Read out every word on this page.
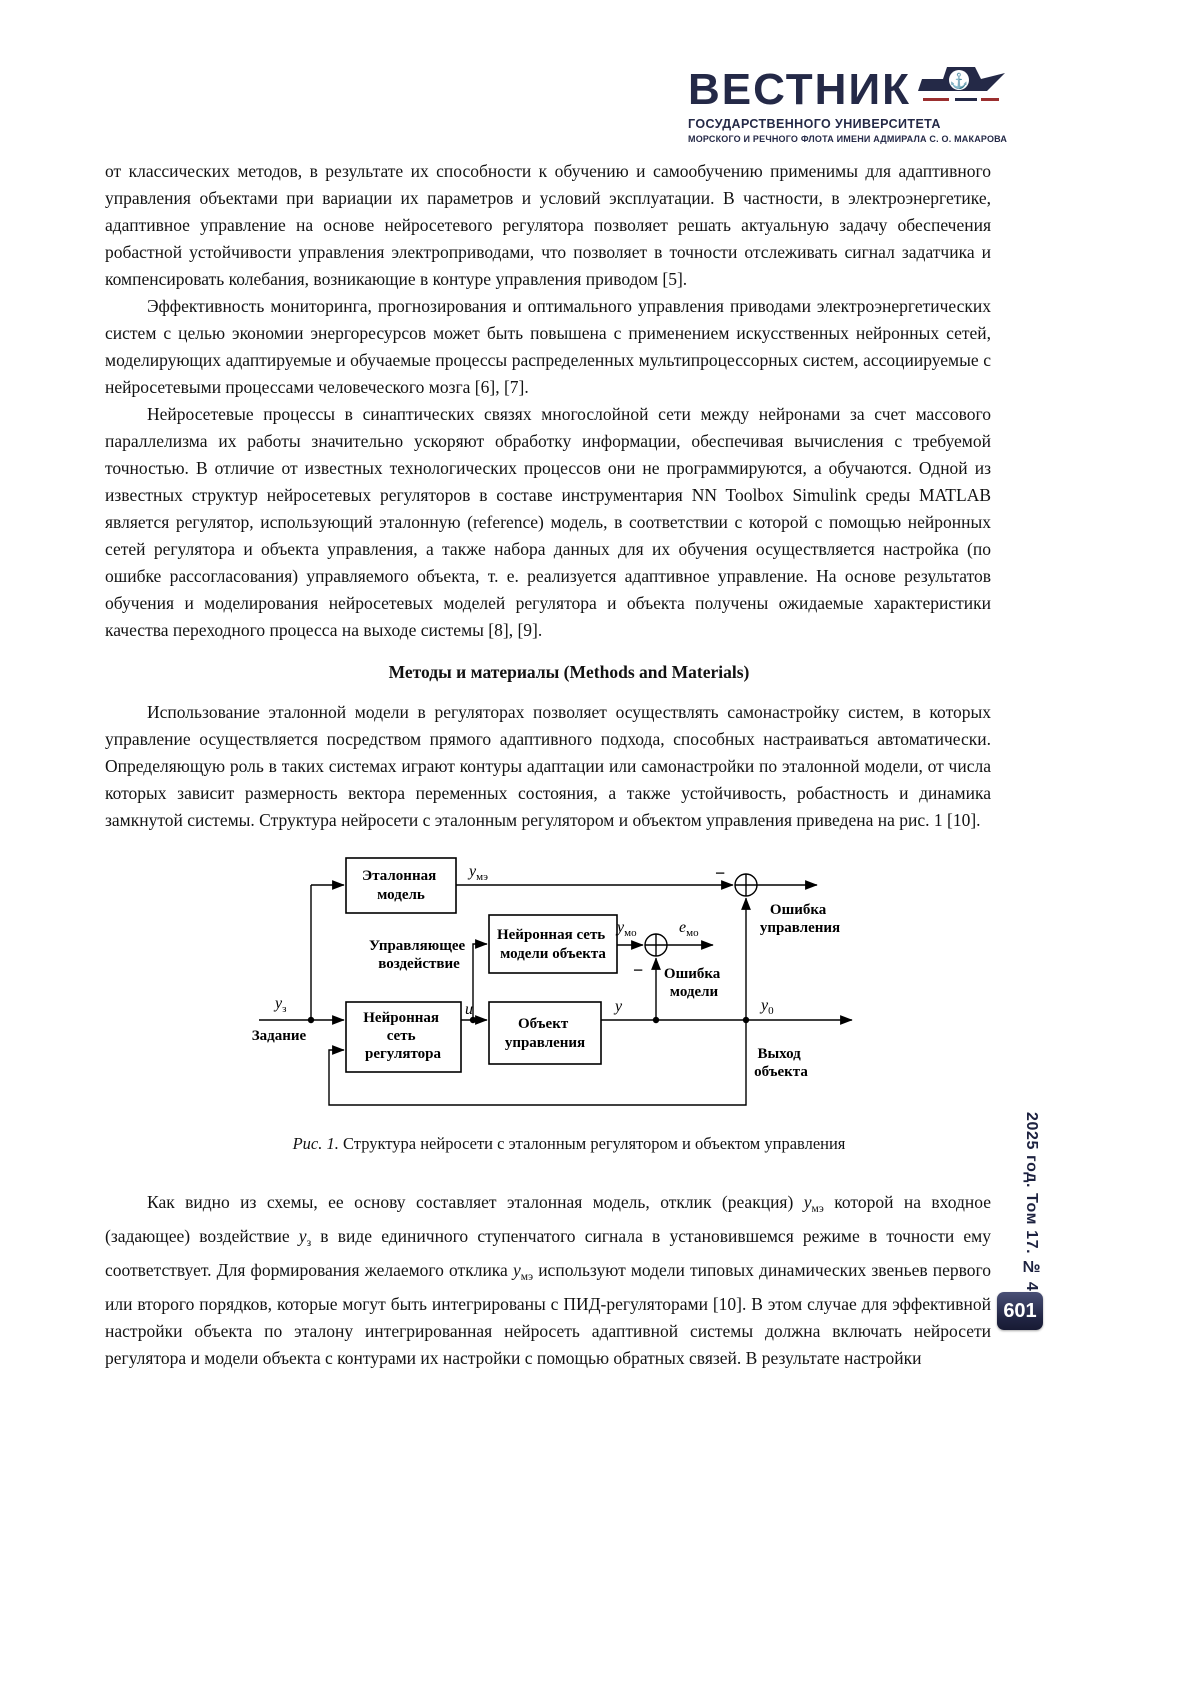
ВЕСТНИК	⚓
ГОСУДАРСТВЕННОГО УНИВЕРСИТЕТА
МОРСКОГО И РЕЧНОГО ФЛОТА ИМЕНИ АДМИРАЛА С. О. МАКАРОВА

от классических методов, в результате их способности к обучению и самообучению применимы для адаптивного управления объектами при вариации их параметров и условий эксплуатации. В частности, в электроэнергетике, адаптивное управление на основе нейросетевого регулятора позволяет решать актуальную задачу обеспечения робастной устойчивости управления электроприводами, что позволяет в точности отслеживать сигнал задатчика и компенсировать колебания, возникающие в контуре управления приводом [5].

Эффективность мониторинга, прогнозирования и оптимального управления приводами электроэнергетических систем с целью экономии энергоресурсов может быть повышена с применением искусственных нейронных сетей, моделирующих адаптируемые и обучаемые процессы распределенных мультипроцессорных систем, ассоциируемые с нейросетевыми процессами человеческого мозга [6], [7].

Нейросетевые процессы в синаптических связях многослойной сети между нейронами за счет массового параллелизма их работы значительно ускоряют обработку информации, обеспечивая вычисления с требуемой точностью. В отличие от известных технологических процессов они не программируются, а обучаются. Одной из известных структур нейросетевых регуляторов в составе инструментария NN Toolbox Simulink среды MATLAB является регулятор, использующий эталонную (reference) модель, в соответствии с которой с помощью нейронных сетей регулятора и объекта управления, а также набора данных для их обучения осуществляется настройка (по ошибке рассогласования) управляемого объекта, т. е. реализуется адаптивное управление. На основе результатов обучения и моделирования нейросетевых моделей регулятора и объекта получены ожидаемые характеристики качества переходного процесса на выходе системы [8], [9].

Методы и материалы (Methods and Materials)

Использование эталонной модели в регуляторах позволяет осуществлять самонастройку систем, в которых управление осуществляется посредством прямого адаптивного подхода, способных настраиваться автоматически. Определяющую роль в таких системах играют контуры адаптации или самонастройки по эталонной модели, от числа которых зависит размерность вектора переменных состояния, а также устойчивость, робастность и динамика замкнутой системы. Структура нейросети с эталонным регулятором и объектом управления приведена на рис. 1 [10].

Эталонная модель
Нейронная сеть модели объекта
Нейронная сеть регулятора
Объект управления
−
−
$y_{мэ}$
$y_{мо}$	$e_{мо}$
$y_з$	$y_0$
u	y
Задание
Управляющее воздействие
Ошибка управления
Ошибка модели
Выход объекта

Рис. 1. Структура нейросети с эталонным регулятором и объектом управления

Как видно из схемы, ее основу составляет эталонная модель, отклик (реакция) $y_{мэ}$ которой на входное (задающее) воздействие $y_з$ в виде единичного ступенчатого сигнала в установившемся режиме в точности ему соответствует. Для формирования желаемого отклика $y_{мэ}$ используют модели типовых динамических звеньев первого или второго порядков, которые могут быть интегрированы с ПИД-регуляторами [10]. В этом случае для эффективной настройки объекта по эталону интегрированная нейросеть адаптивной системы должна включать нейросети регулятора и модели объекта с контурами их настройки с помощью обратных связей. В результате настройки

2025 год. Том 17. № 4
601
